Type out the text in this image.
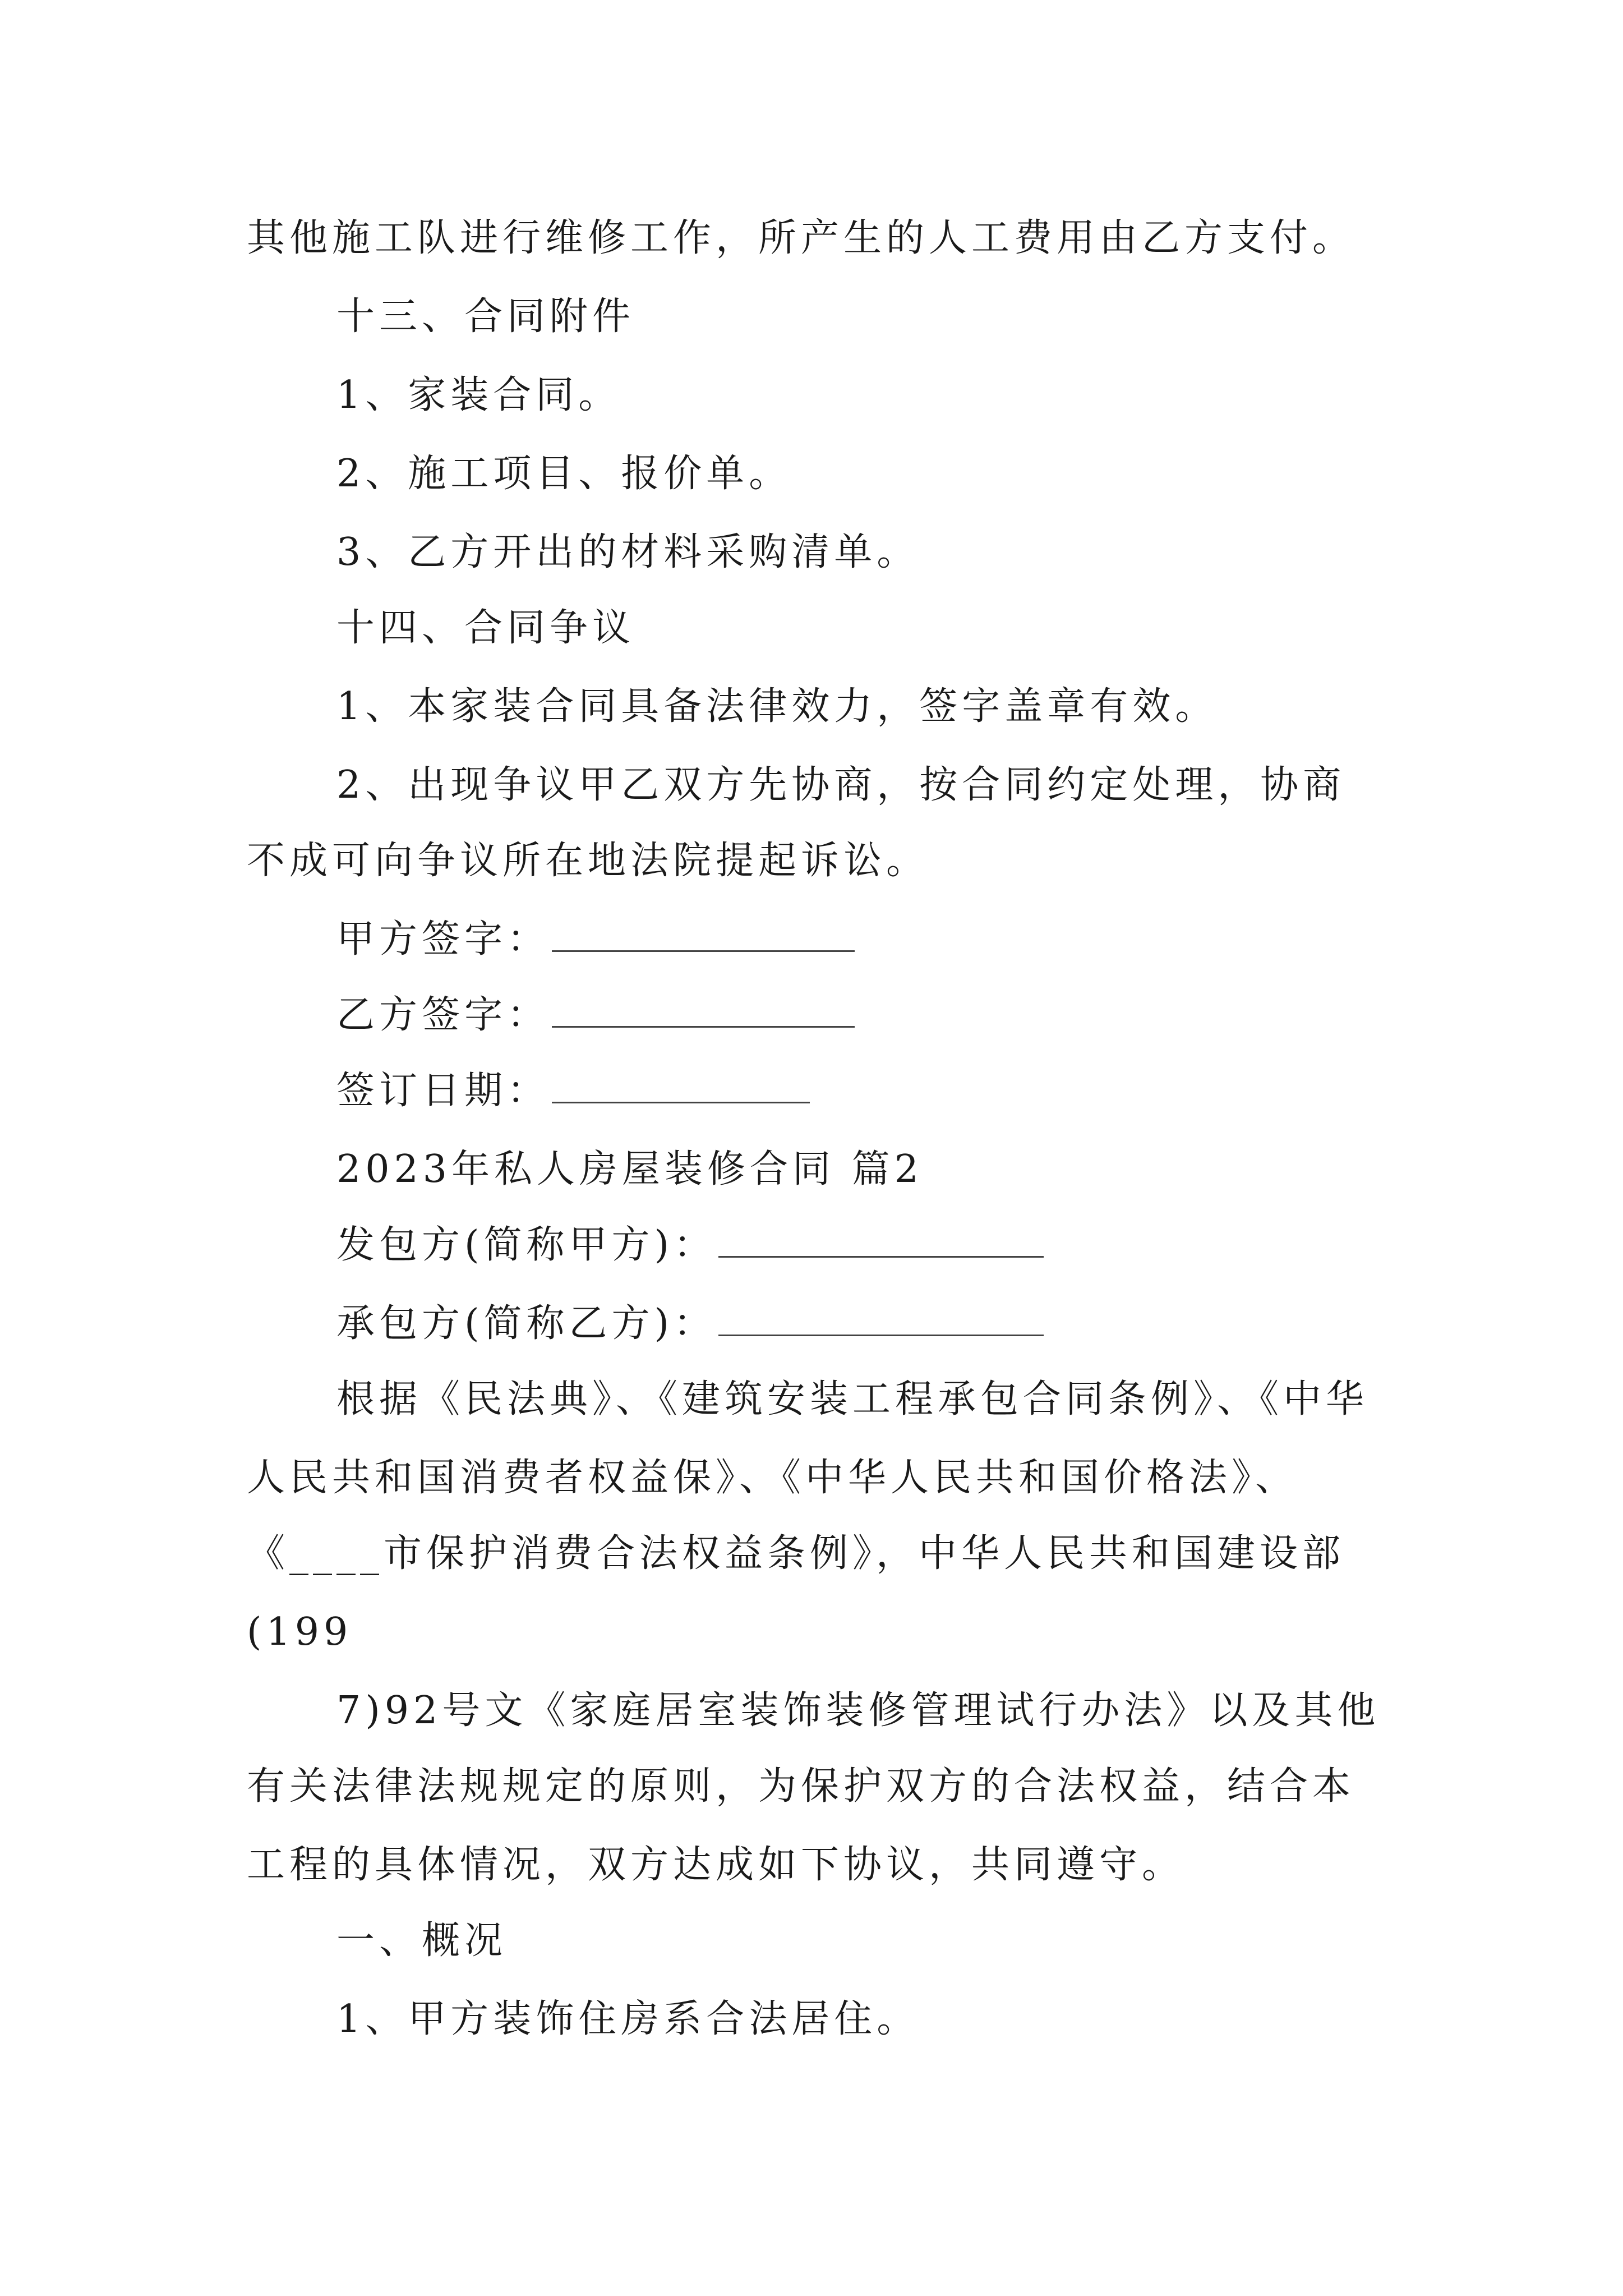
其他施工队进行维修工作，所产生的人工费用由乙方支付。
十三、合同附件
1、家装合同。
2、施工项目、报价单。
3、乙方开出的材料采购清单。
十四、合同争议
1、本家装合同具备法律效力，签字盖章有效。
2、出现争议甲乙双方先协商，按合同约定处理，协商
不成可向争议所在地法院提起诉讼。
甲方签字：
乙方签字：
签订日期：
2023年私人房屋装修合同 篇2
发包方(简称甲方)：
承包方(简称乙方)：
根据《民法典》、《建筑安装工程承包合同条例》、《中华
人民共和国消费者权益保》、《中华人民共和国价格法》、
《____市保护消费合法权益条例》，中华人民共和国建设部
(199
7)92号文《家庭居室装饰装修管理试行办法》以及其他
有关法律法规规定的原则，为保护双方的合法权益，结合本
工程的具体情况，双方达成如下协议，共同遵守。
一、概况
1、甲方装饰住房系合法居住。
